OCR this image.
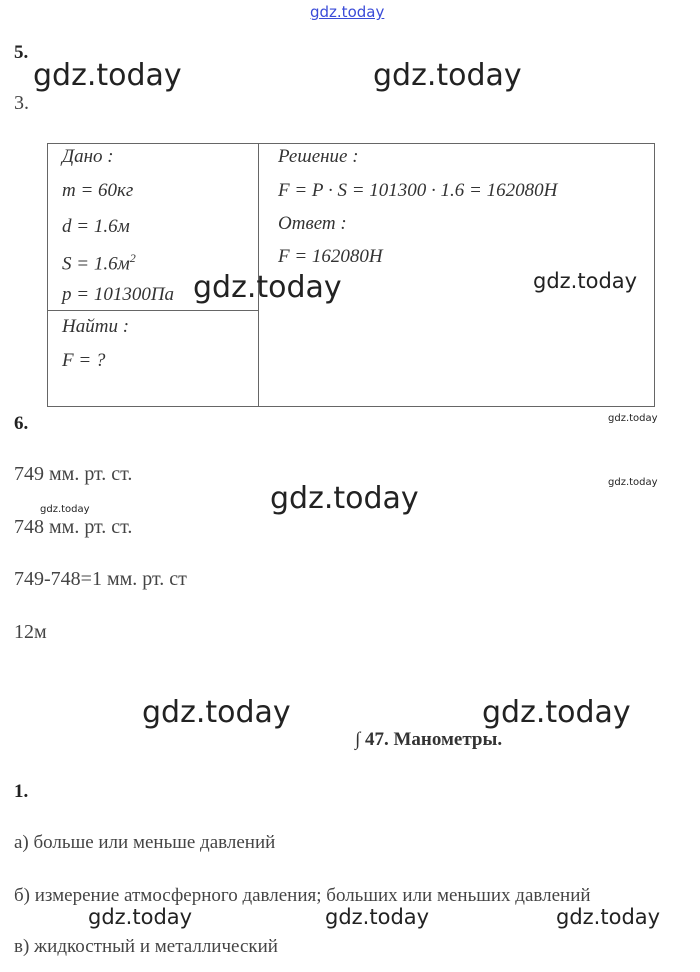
gdz.today
5.
gdz.today	gdz.today
3.
Дано :
m = 60кг
d = 1.6м
$S = 1.6м^2$
p = 101300Па gdz.today
Найти :
F = ?
Решение :
F = P · S = 101300 · 1.6 = 162080H
Ответ :
F = 162080H
gdz.today
6.	gdz.today
749 мм. рт. ст.	gdz.today
gdz.today
gdz.today
748 мм. рт. ст.
749-748=1 мм. рт. ст
12м
gdz.today	gdz.today
∫ 47. Манометры.
1.
а) больше или меньше давлений
б) измерение атмосферного давления; больших или меньших давлений
gdz.today	gdz.today	gdz.today
в) жидкостный и металлический
